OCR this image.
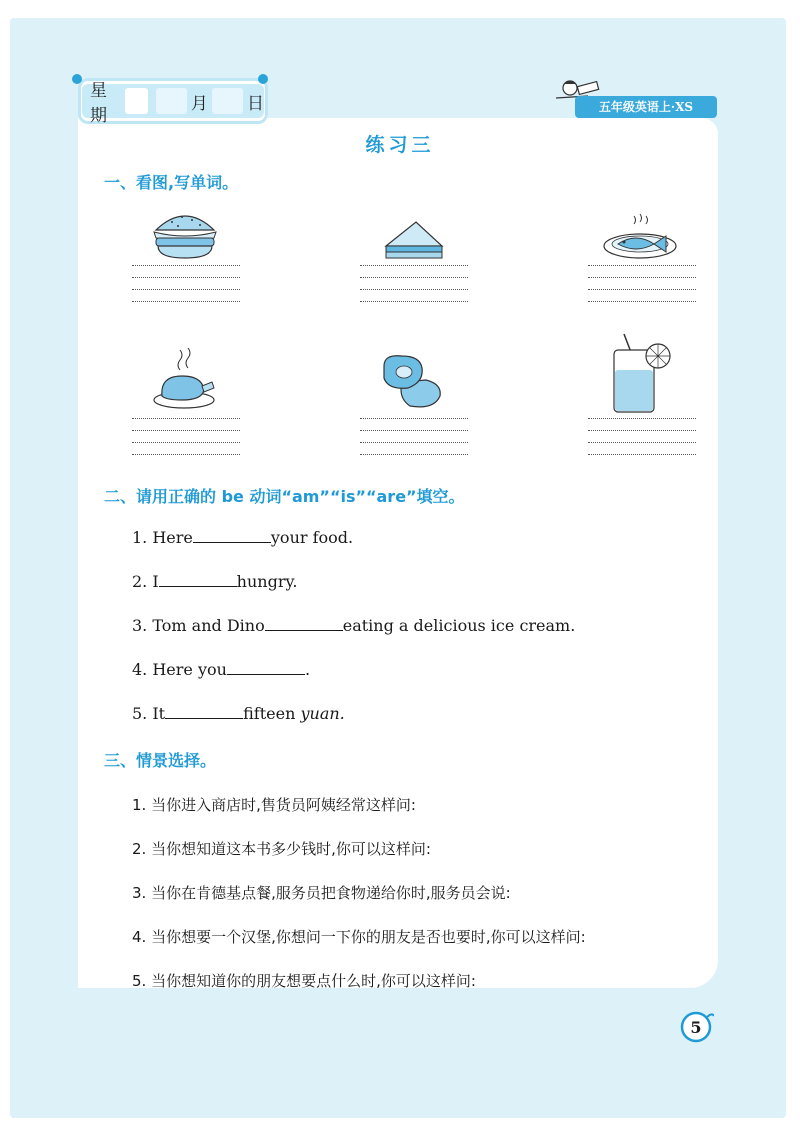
星期
月 日	五年级英语上·XS
练习三
一、看图,写单词。
二、请用正确的 be 动词“am”“is”“are”填空。
1. Here	your food.
2. I	hungry.
3. Tom and Dino	eating a delicious ice cream.
4. Here you	.
5. It	fifteen yuan.
三、情景选择。
1. 当你进入商店时,售货员阿姨经常这样问:
2. 当你想知道这本书多少钱时,你可以这样问:
3. 当你在肯德基点餐,服务员把食物递给你时,服务员会说:
4. 当你想要一个汉堡,你想问一下你的朋友是否也要时,你可以这样问:
5. 当你想知道你的朋友想要点什么时,你可以这样问:
5
